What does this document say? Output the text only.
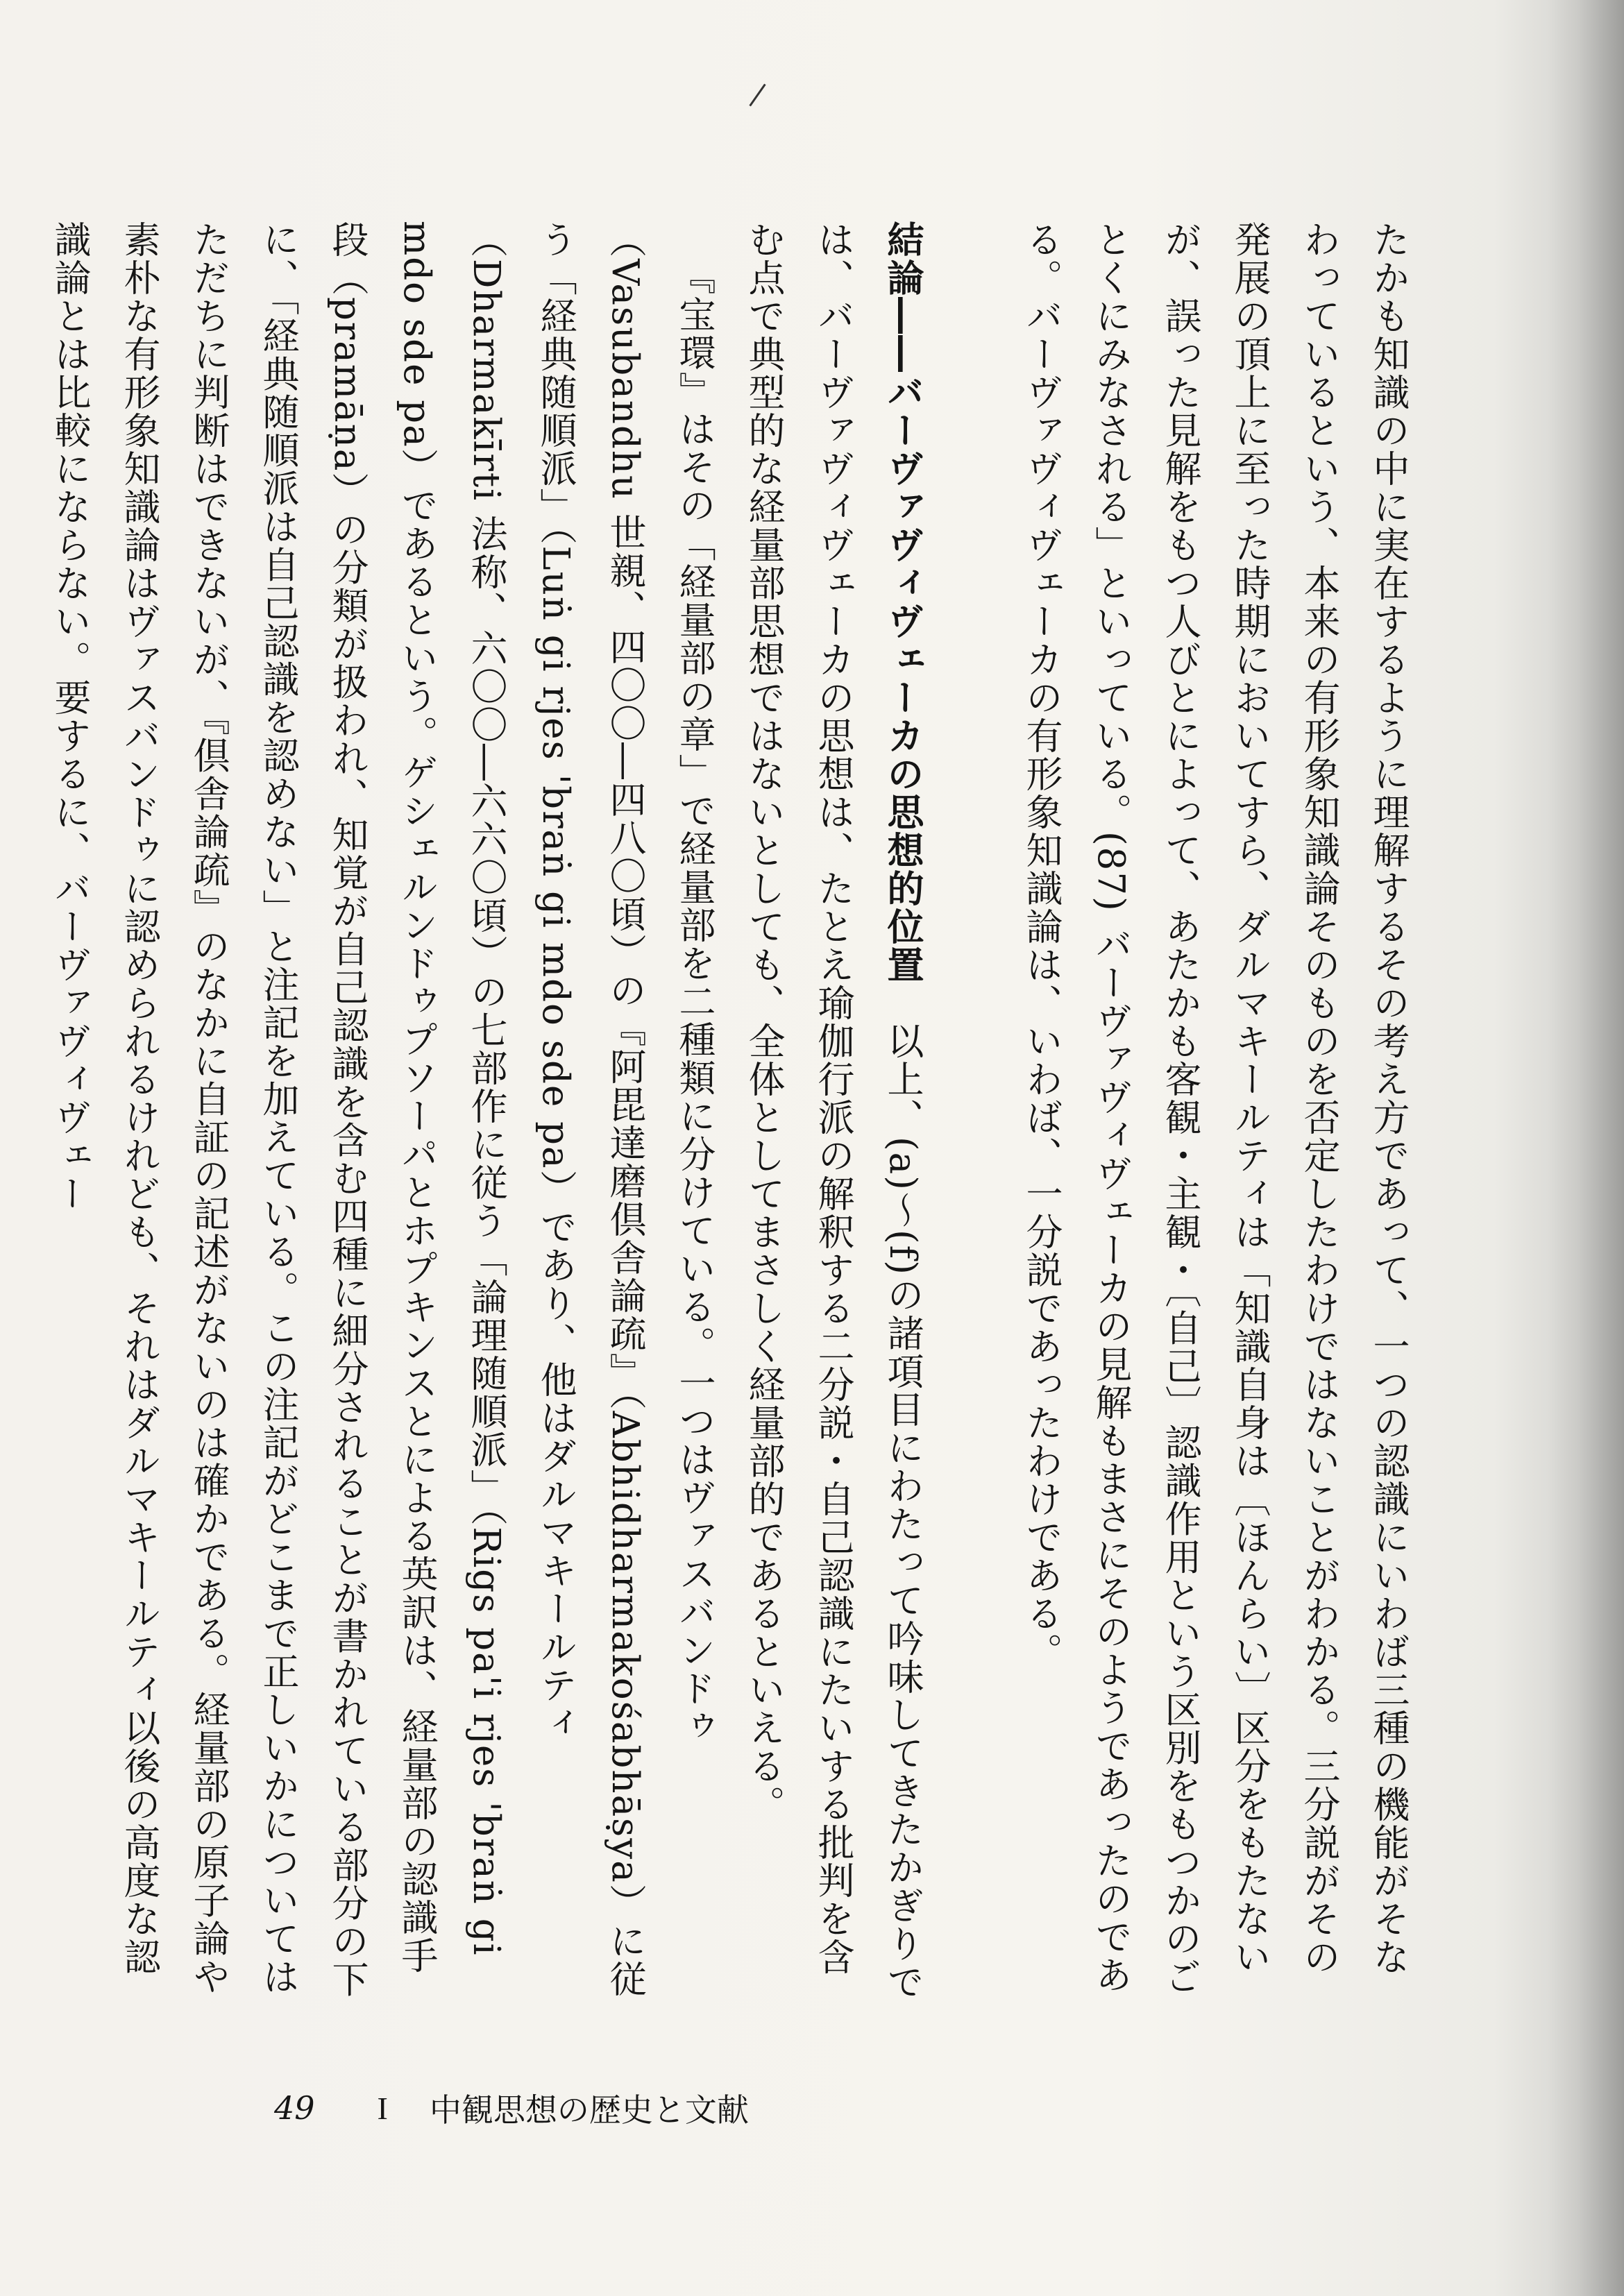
たかも知識の中に実在するように理解するその考え方であって、一つの認識にいわば三種の機能がそなわっているという、本来の有形象知識論そのものを否定したわけではないことがわかる。三分説がその発展の頂上に至った時期においてすら、ダルマキールティは「知識自身は〔ほんらい〕区分をもたないが、誤った見解をもつ人びとによって、あたかも客観・主観・〔自己〕認識作用という区別をもつかのごとくにみなされる」といっている。(87) バーヴァヴィヴェーカの見解もまさにそのようであったのである。バーヴァヴィヴェーカの有形象知識論は、いわば、一分説であったわけである。

結論――バーヴァヴィヴェーカの思想的位置　以上、(a)～(f)の諸項目にわたって吟味してきたかぎりでは、バーヴァヴィヴェーカの思想は、たとえ瑜伽行派の解釈する二分説・自己認識にたいする批判を含む点で典型的な経量部思想ではないとしても、全体としてまさしく経量部的であるといえる。

『宝環』はその「経量部の章」で経量部を二種類に分けている。一つはヴァスバンドゥ（Vasubandhu 世親、四〇〇―四八〇頃）の『阿毘達磨倶舎論疏』（Abhidharmakośabhāṣya）に従う「経典随順派」（Luṅ gi rjes 'braṅ gi mdo sde pa）であり、他はダルマキールティ（Dharmakīrti 法称、六〇〇―六六〇頃）の七部作に従う「論理随順派」（Rigs pa'i rjes 'braṅ gi mdo sde pa）であるという。ゲシェルンドゥプソーパとホプキンスとによる英訳は、経量部の認識手段（pramāṇa）の分類が扱われ、知覚が自己認識を含む四種に細分されることが書かれている部分の下に、「経典随順派は自己認識を認めない」と注記を加えている。この注記がどこまで正しいかについてはただちに判断はできないが、『倶舎論疏』のなかに自証の記述がないのは確かである。経量部の原子論や素朴な有形象知識論はヴァスバンドゥに認められるけれども、それはダルマキールティ以後の高度な認識論とは比較にならない。要するに、バーヴァヴィヴェー

49 I 中観思想の歴史と文献
